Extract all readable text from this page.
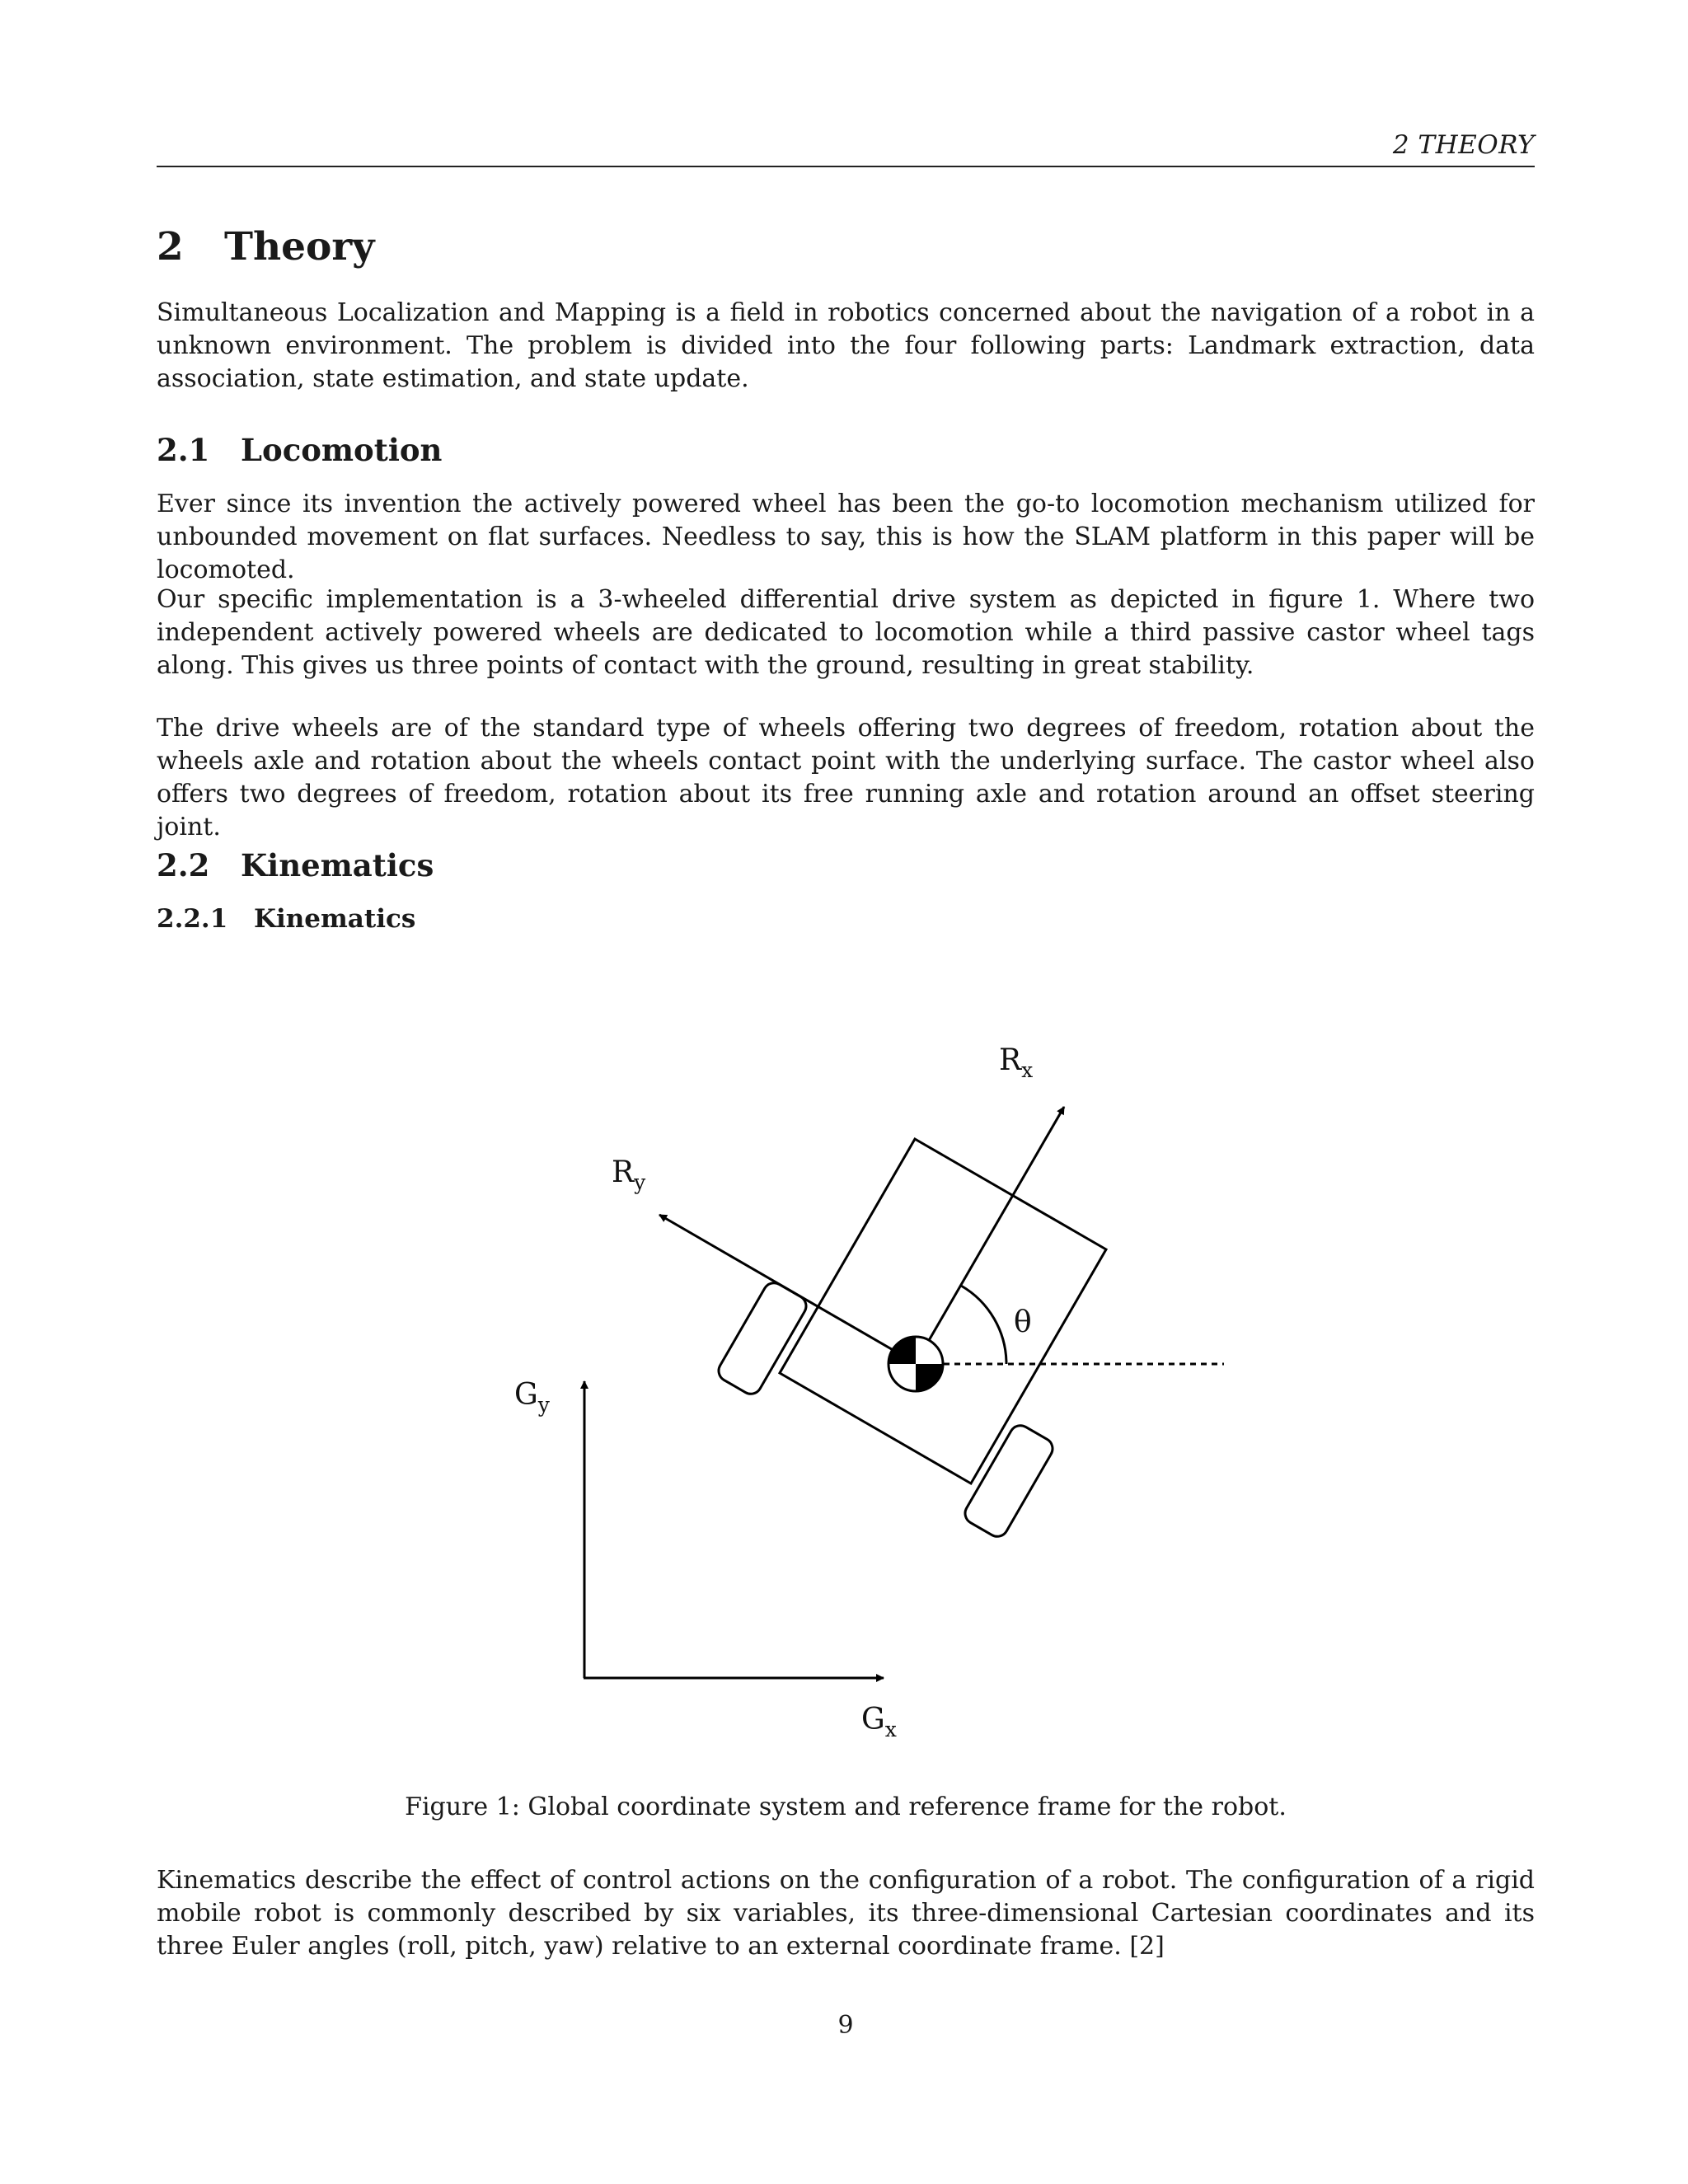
2 THEORY
2 Theory

Simultaneous Localization and Mapping is a field in robotics concerned about the navigation of a robot in a unknown environment. The problem is divided into the four following parts: Landmark extraction, data association, state estimation, and state update.

2.1 Locomotion

Ever since its invention the actively powered wheel has been the go-to locomotion mechanism utilized for unbounded movement on flat surfaces. Needless to say, this is how the SLAM platform in this paper will be locomoted.

Our specific implementation is a 3-wheeled differential drive system as depicted in figure 1. Where two independent actively powered wheels are dedicated to locomotion while a third passive castor wheel tags along. This gives us three points of contact with the ground, resulting in great stability.

The drive wheels are of the standard type of wheels offering two degrees of freedom, rotation about the wheels axle and rotation about the wheels contact point with the underlying surface. The castor wheel also offers two degrees of freedom, rotation about its free running axle and rotation around an offset steering joint.

2.2 Kinematics
2.2.1 Kinematics
$R_x$
$R_y$
$G_y$
$G_x$
θ

Figure 1: Global coordinate system and reference frame for the robot.

Kinematics describe the effect of control actions on the configuration of a robot. The configuration of a rigid mobile robot is commonly described by six variables, its three-dimensional Cartesian coordinates and its three Euler angles (roll, pitch, yaw) relative to an external coordinate frame. [2]

9
